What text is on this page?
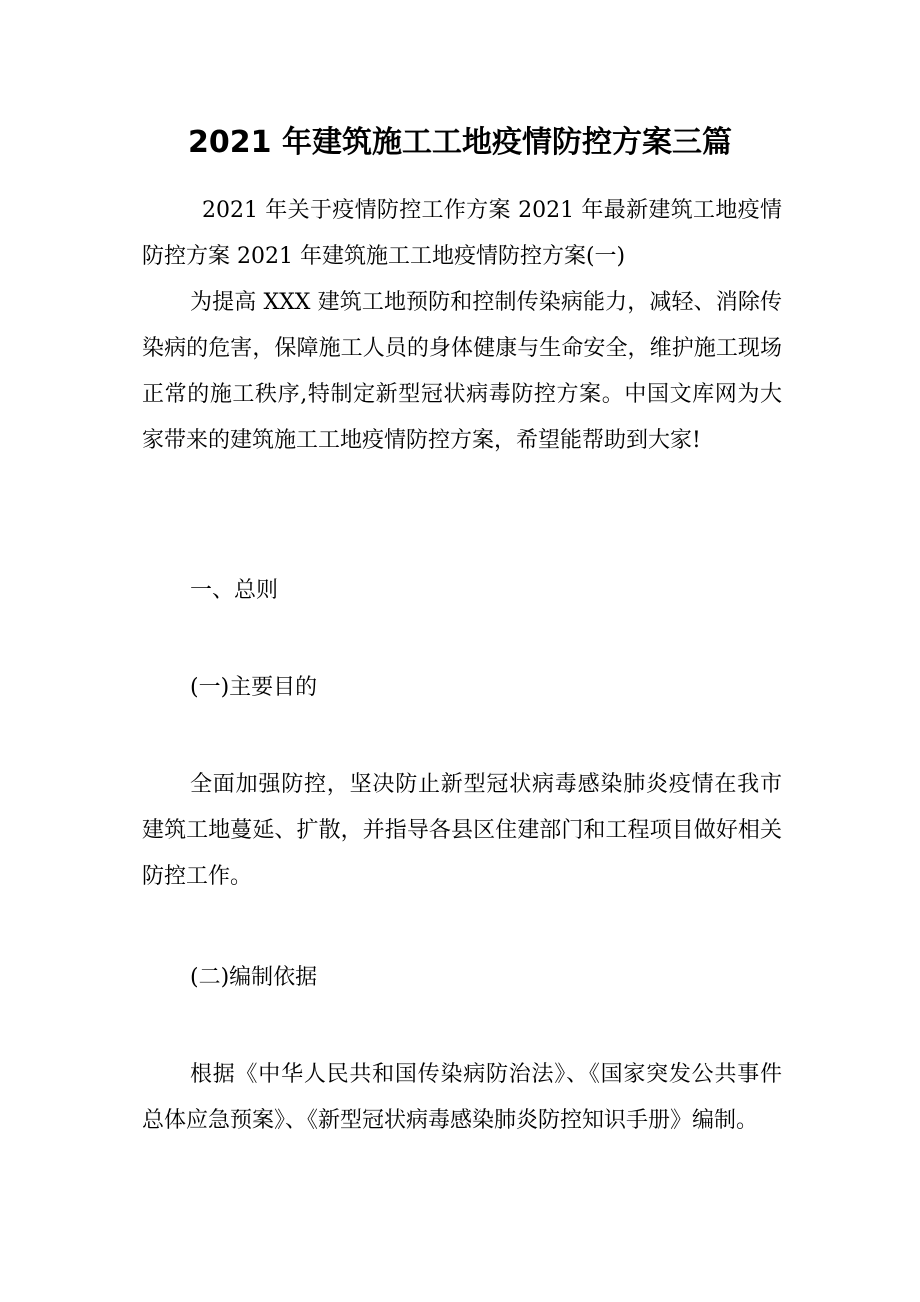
2021 年建筑施工工地疫情防控方案三篇

2021 年关于疫情防控工作方案 2021 年最新建筑工地疫情防控方案 2021 年建筑施工工地疫情防控方案(一)

为提高 XXX 建筑工地预防和控制传染病能力，减轻、消除传染病的危害，保障施工人员的身体健康与生命安全，维护施工现场正常的施工秩序,特制定新型冠状病毒防控方案。中国文库网为大家带来的建筑施工工地疫情防控方案，希望能帮助到大家!

一、总则

(一)主要目的

全面加强防控，坚决防止新型冠状病毒感染肺炎疫情在我市建筑工地蔓延、扩散，并指导各县区住建部门和工程项目做好相关防控工作。

(二)编制依据

根据《中华人民共和国传染病防治法》、《国家突发公共事件总体应急预案》、《新型冠状病毒感染肺炎防控知识手册》编制。
